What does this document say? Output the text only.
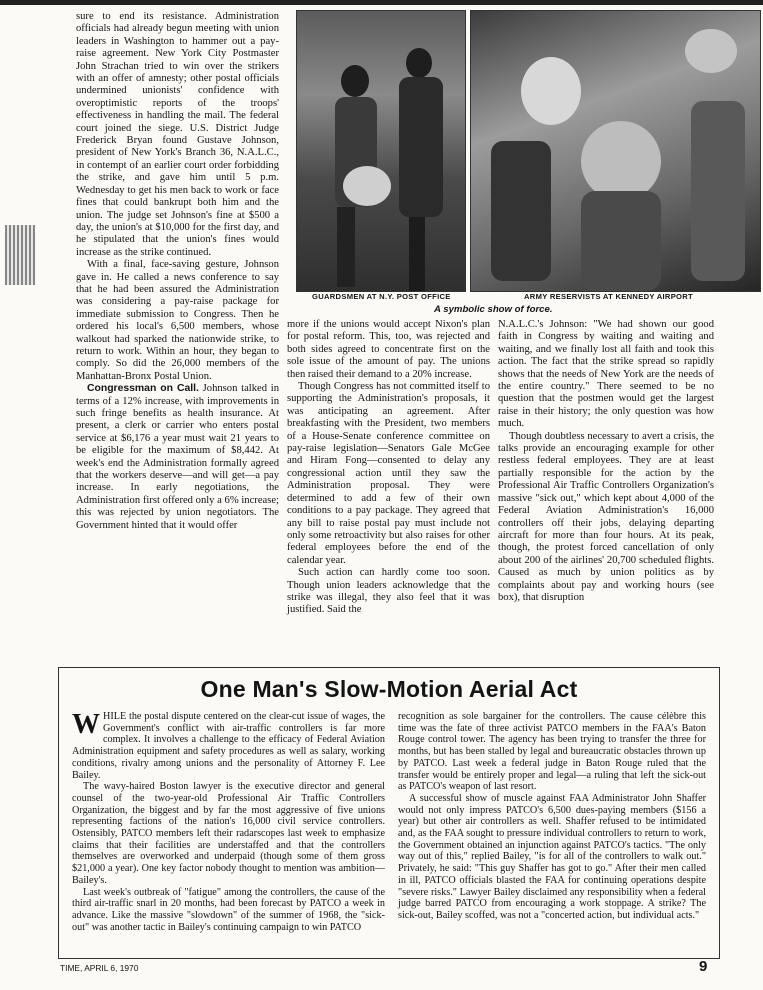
sure to end its resistance. Administration officials had already begun meeting with union leaders in Washington to hammer out a pay-raise agreement. New York City Postmaster John Strachan tried to win over the strikers with an offer of amnesty; other postal officials undermined unionists' confidence with overoptimistic reports of the troops' effectiveness in handling the mail. The federal court joined the siege. U.S. District Judge Frederick Bryan found Gustave Johnson, president of New York's Branch 36, N.A.L.C., in contempt of an earlier court order forbidding the strike, and gave him until 5 p.m. Wednesday to get his men back to work or face fines that could bankrupt both him and the union. The judge set Johnson's fine at $500 a day, the union's at $10,000 for the first day, and he stipulated that the union's fines would increase as the strike continued.

With a final, face-saving gesture, Johnson gave in. He called a news conference to say that he had been assured the Administration was considering a pay-raise package for immediate submission to Congress. Then he ordered his local's 6,500 members, whose walkout had sparked the nationwide strike, to return to work. Within an hour, they began to comply. So did the 26,000 members of the Manhattan-Bronx Postal Union.

Congressman on Call. Johnson talked in terms of a 12% increase, with improvements in such fringe benefits as health insurance. At present, a clerk or carrier who enters postal service at $6,176 a year must wait 21 years to be eligible for the maximum of $8,442. At week's end the Administration formally agreed that the workers deserve—and will get—a pay increase. In early negotiations, the Administration first offered only a 6% increase; this was rejected by union negotiators. The Government hinted that it would offer

GUARDSMEN AT N.Y. POST OFFICE	ARMY RESERVISTS AT KENNEDY AIRPORT
A symbolic show of force.

more if the unions would accept Nixon's plan for postal reform. This, too, was rejected and both sides agreed to concentrate first on the sole issue of the amount of pay. The unions then raised their demand to a 20% increase.

Though Congress has not committed itself to supporting the Administration's proposals, it was anticipating an agreement. After breakfasting with the President, two members of a House-Senate conference committee on pay-raise legislation—Senators Gale McGee and Hiram Fong—consented to delay any congressional action until they saw the Administration proposal. They were determined to add a few of their own conditions to a pay package. They agreed that any bill to raise postal pay must include not only some retroactivity but also raises for other federal employees before the end of the calendar year.

Such action can hardly come too soon. Though union leaders acknowledge that the strike was illegal, they also feel that it was justified. Said the

N.A.L.C.'s Johnson: "We had shown our good faith in Congress by waiting and waiting and waiting, and we finally lost all faith and took this action. The fact that the strike spread so rapidly shows that the needs of New York are the needs of the entire country." There seemed to be no question that the postmen would get the largest raise in their history; the only question was how much.

Though doubtless necessary to avert a crisis, the talks provide an encouraging example for other restless federal employees. They are at least partially responsible for the action by the Professional Air Traffic Controllers Organization's massive "sick out," which kept about 4,000 of the Federal Aviation Administration's 16,000 controllers off their jobs, delaying departing aircraft for more than four hours. At its peak, though, the protest forced cancellation of only about 200 of the airlines' 20,700 scheduled flights. Caused as much by union politics as by complaints about pay and working hours (see box), that disruption

One Man's Slow-Motion Aerial Act

WHILE the postal dispute centered on the clear-cut issue of wages, the Government's conflict with air-traffic controllers is far more complex. It involves a challenge to the efficacy of Federal Aviation Administration equipment and safety procedures as well as salary, working conditions, rivalry among unions and the personality of Attorney F. Lee Bailey.

The wavy-haired Boston lawyer is the executive director and general counsel of the two-year-old Professional Air Traffic Controllers Organization, the biggest and by far the most aggressive of five unions representing factions of the nation's 16,000 civil service controllers. Ostensibly, PATCO members left their radarscopes last week to emphasize claims that their facilities are understaffed and that the controllers themselves are overworked and underpaid (though some of them gross $21,000 a year). One key factor nobody thought to mention was ambition—Bailey's.

Last week's outbreak of "fatigue" among the controllers, the cause of the third air-traffic snarl in 20 months, had been forecast by PATCO a week in advance. Like the massive "slowdown" of the summer of 1968, the "sick-out" was another tactic in Bailey's continuing campaign to win PATCO

recognition as sole bargainer for the controllers. The cause célèbre this time was the fate of three activist PATCO members in the FAA's Baton Rouge control tower. The agency has been trying to transfer the three for months, but has been stalled by legal and bureaucratic obstacles thrown up by PATCO. Last week a federal judge in Baton Rouge ruled that the transfer would be entirely proper and legal—a ruling that left the sick-out as PATCO's weapon of last resort.

A successful show of muscle against FAA Administrator John Shaffer would not only impress PATCO's 6,500 dues-paying members ($156 a year) but other air controllers as well. Shaffer refused to be intimidated and, as the FAA sought to pressure individual controllers to return to work, the Government obtained an injunction against PATCO's tactics. "The only way out of this," replied Bailey, "is for all of the controllers to walk out." Privately, he said: "This guy Shaffer has got to go." After their men called in ill, PATCO officials blasted the FAA for continuing operations despite "severe risks." Lawyer Bailey disclaimed any responsibility when a federal judge barred PATCO from encouraging a work stoppage. A strike? The sick-out, Bailey scoffed, was not a "concerted action, but individual acts."

TIME, APRIL 6, 1970	9
